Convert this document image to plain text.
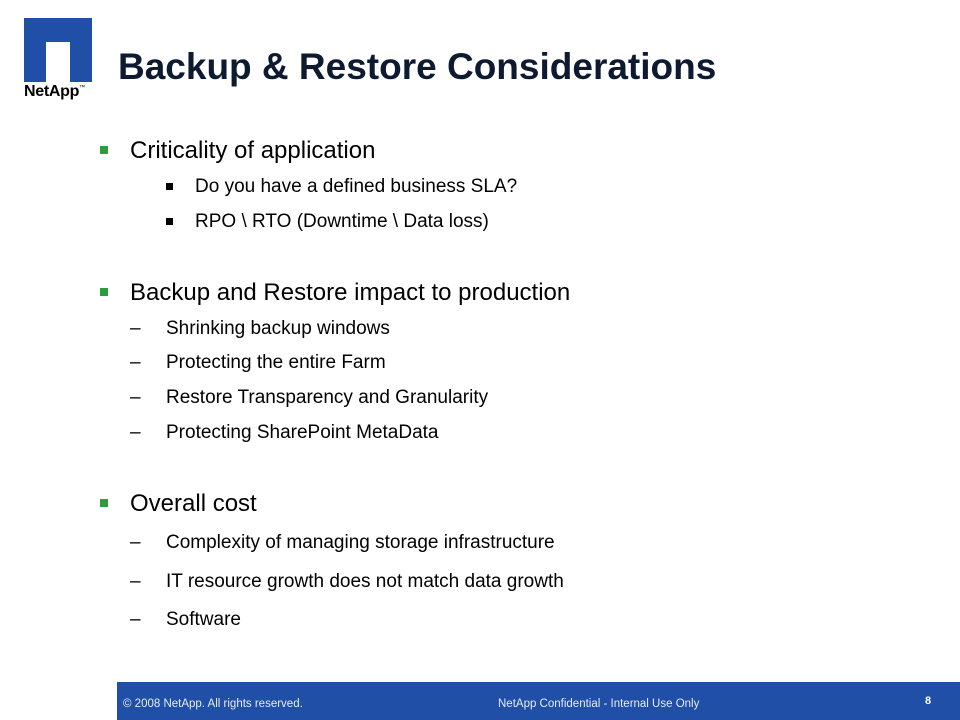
NetApp™
Backup & Restore Considerations
Criticality of application
Do you have a defined business SLA?
RPO \ RTO (Downtime \ Data loss)
Backup and Restore impact to production
– Shrinking backup windows
– Protecting the entire Farm
– Restore Transparency and Granularity
– Protecting SharePoint MetaData
Overall cost
– Complexity of managing storage infrastructure
– IT resource growth does not match data growth
– Software
© 2008 NetApp. All rights reserved.	NetApp Confidential - Internal Use Only	8
